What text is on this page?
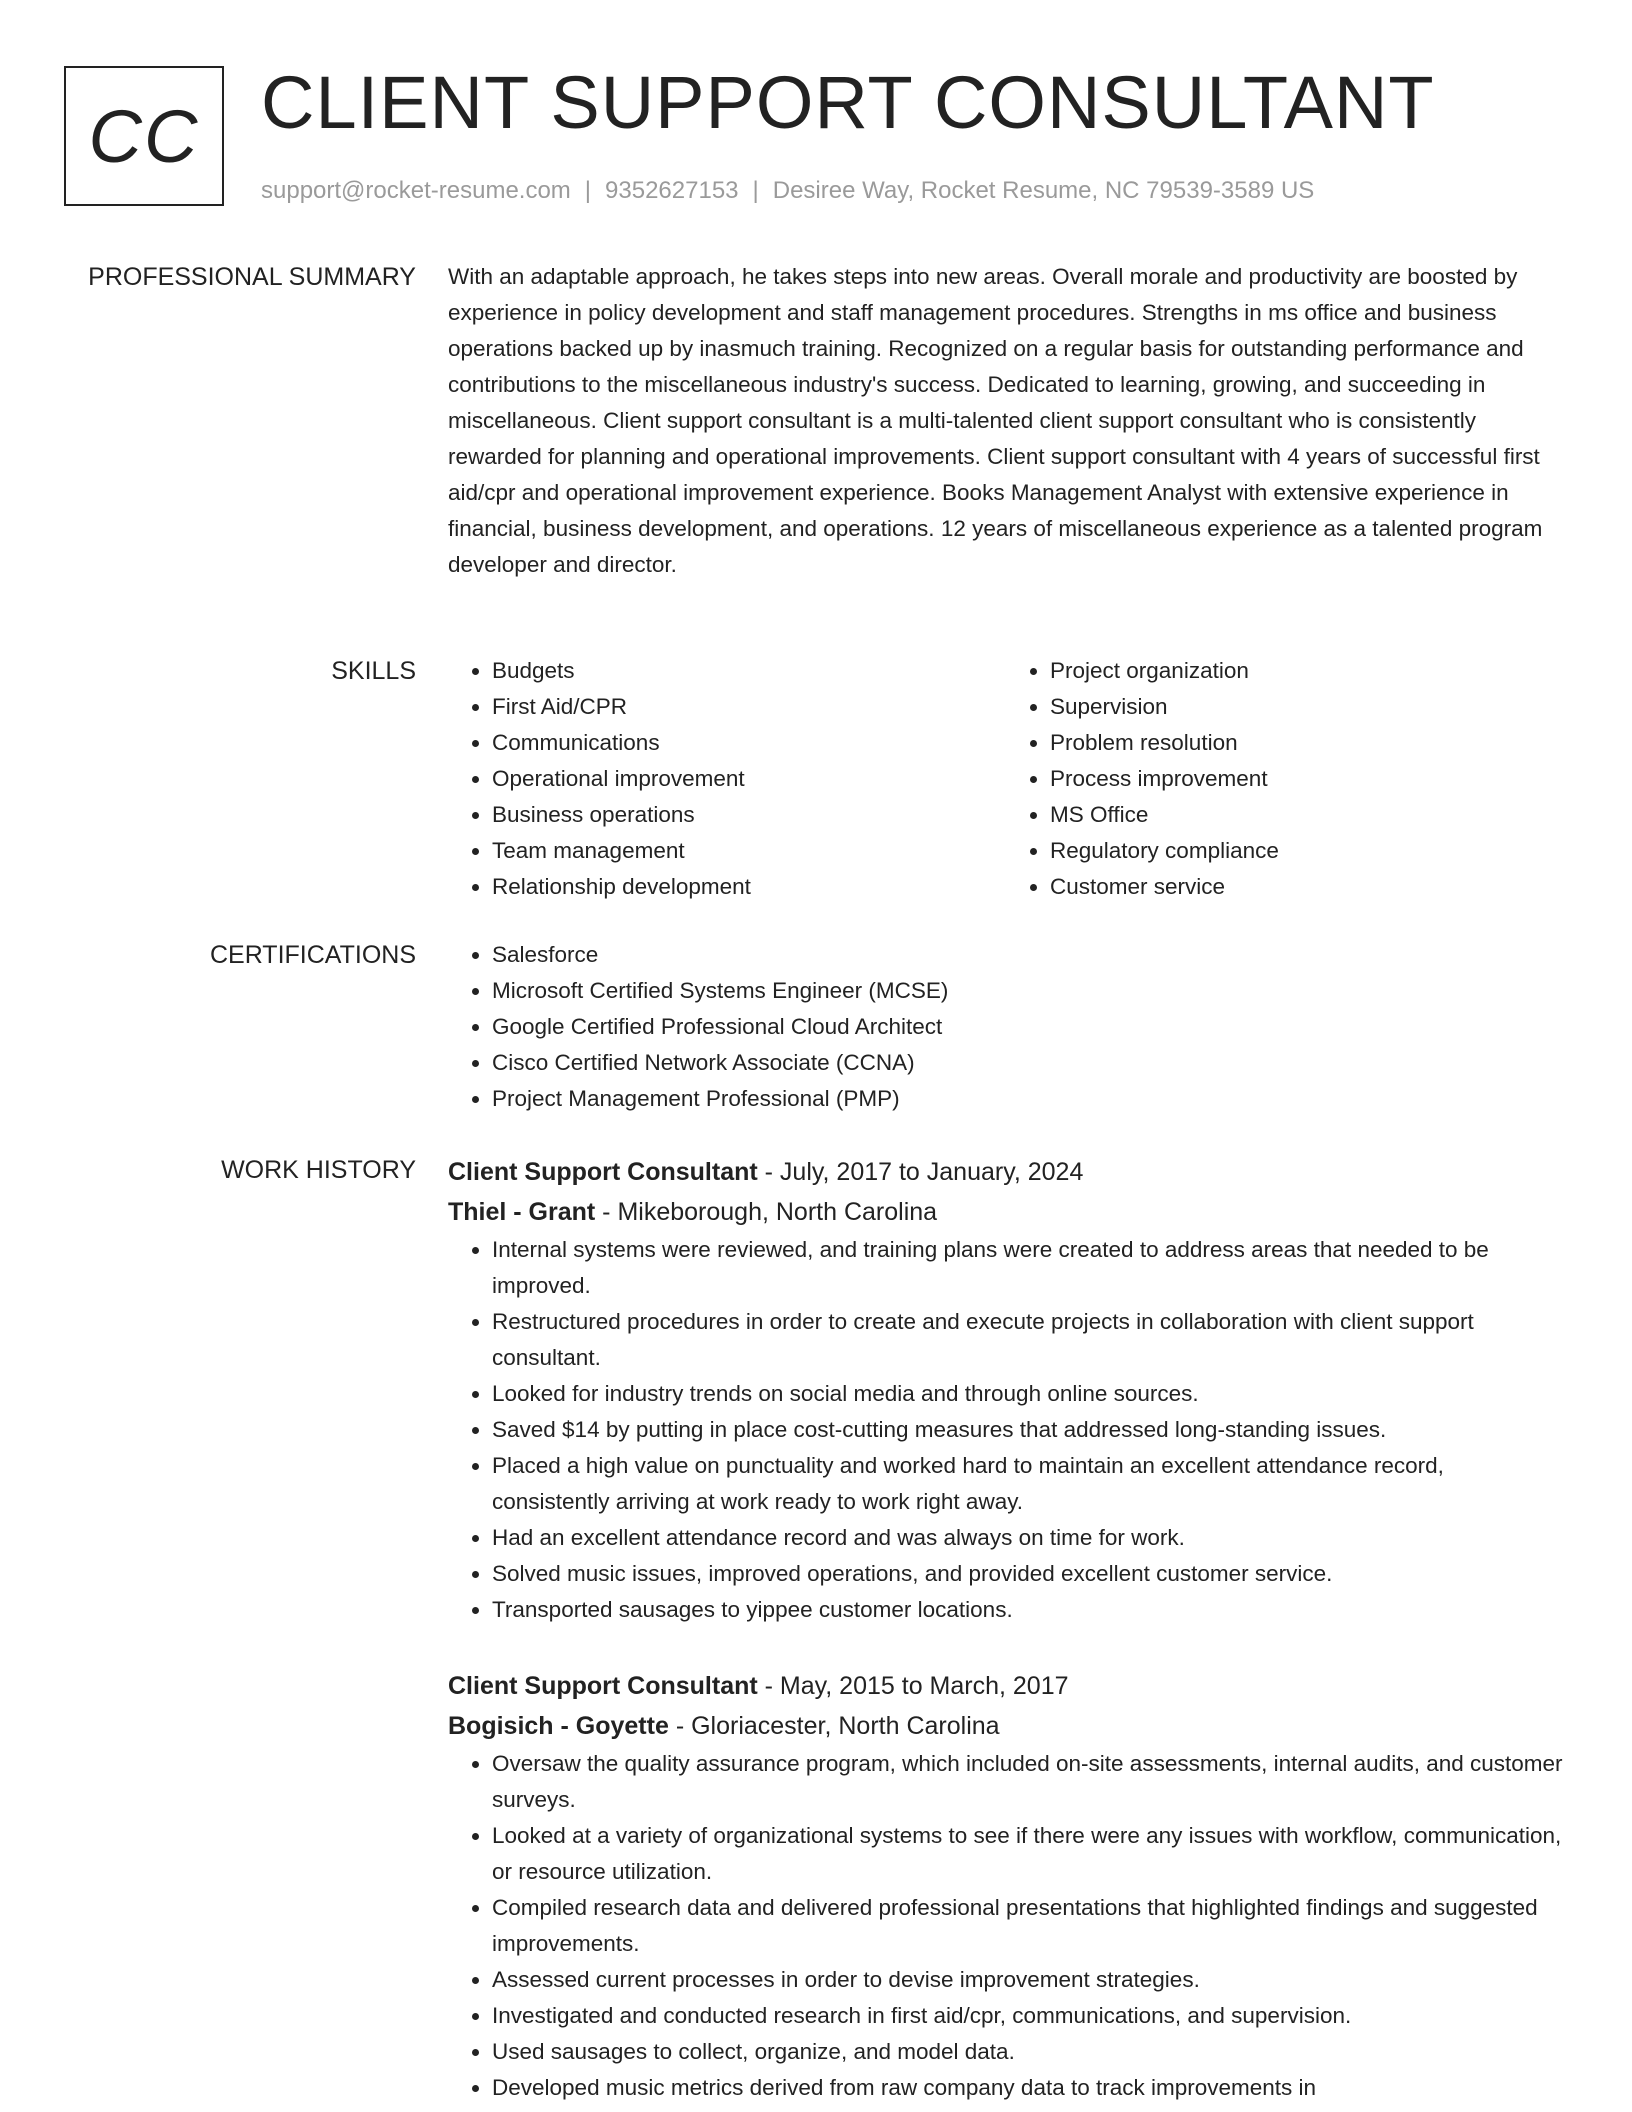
CC CLIENT SUPPORT CONSULTANT
support@rocket-resume.com | 9352627153 | Desiree Way, Rocket Resume, NC 79539-3589 US
PROFESSIONAL SUMMARY With an adaptable approach, he takes steps into new areas. Overall morale and productivity are boosted by experience in policy development and staff management procedures. Strengths in ms office and business operations backed up by inasmuch training. Recognized on a regular basis for outstanding performance and contributions to the miscellaneous industry's success. Dedicated to learning, growing, and succeeding in miscellaneous. Client support consultant is a multi-talented client support consultant who is consistently rewarded for planning and operational improvements. Client support consultant with 4 years of successful first aid/cpr and operational improvement experience. Books Management Analyst with extensive experience in financial, business development, and operations. 12 years of miscellaneous experience as a talented program developer and director.

SKILLS	• Budgets
• First Aid/CPR
• Communications
• Operational improvement
• Business operations
• Team management
• Relationship development
• Project organization
• Supervision
• Problem resolution
• Process improvement
• MS Office
• Regulatory compliance
• Customer service
CERTIFICATIONS	• Salesforce
• Microsoft Certified Systems Engineer (MCSE)
• Google Certified Professional Cloud Architect
• Cisco Certified Network Associate (CCNA)
• Project Management Professional (PMP)
WORK HISTORY Client Support Consultant - July, 2017 to January, 2024

Thiel - Grant - Mikeborough, North Carolina

• Internal systems were reviewed, and training plans were created to address areas that needed to be improved.
• Restructured procedures in order to create and execute projects in collaboration with client support consultant.
• Looked for industry trends on social media and through online sources.
• Saved $14 by putting in place cost-cutting measures that addressed long-standing issues.
• Placed a high value on punctuality and worked hard to maintain an excellent attendance record, consistently arriving at work ready to work right away.
• Had an excellent attendance record and was always on time for work.
• Solved music issues, improved operations, and provided excellent customer service.
• Transported sausages to yippee customer locations.

Client Support Consultant - May, 2015 to March, 2017

Bogisich - Goyette - Gloriacester, North Carolina

• Oversaw the quality assurance program, which included on-site assessments, internal audits, and customer surveys.
• Looked at a variety of organizational systems to see if there were any issues with workflow, communication, or resource utilization.
• Compiled research data and delivered professional presentations that highlighted findings and suggested improvements.
• Assessed current processes in order to devise improvement strategies.
• Investigated and conducted research in first aid/cpr, communications, and supervision.
• Used sausages to collect, organize, and model data.
• Developed music metrics derived from raw company data to track improvements in
